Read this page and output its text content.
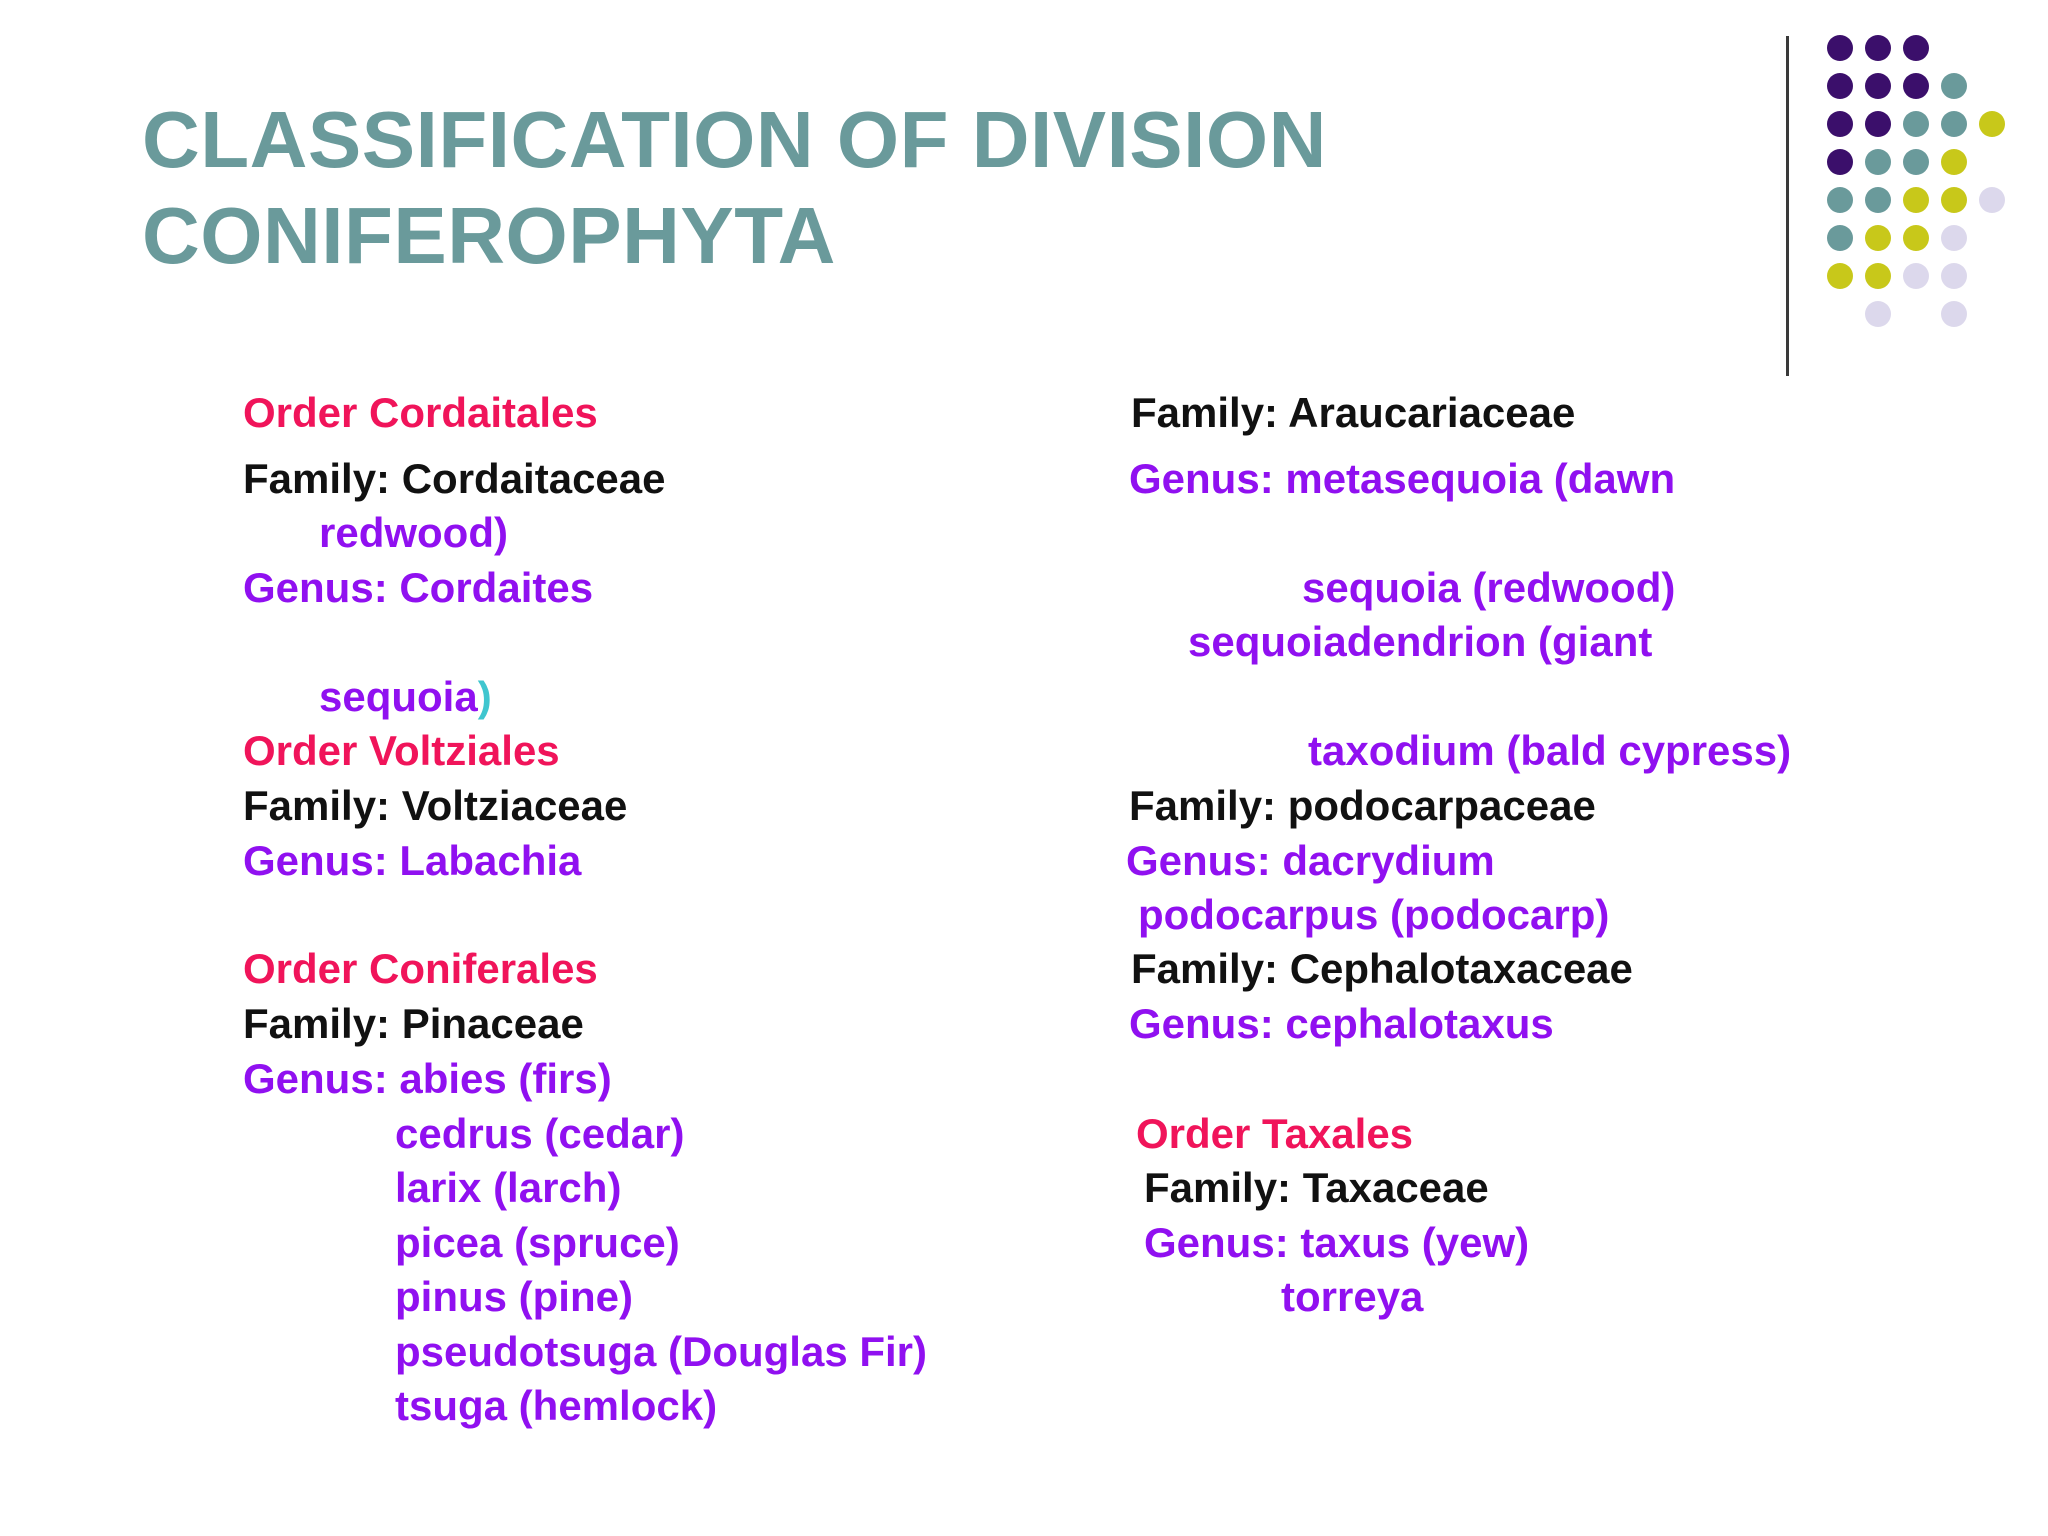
CLASSIFICATION OF DIVISION
CONIFEROPHYTA
Order Cordaitales
Family: Cordaitaceae
redwood)
Genus: Cordaites
sequoia)
Order Voltziales
Family: Voltziaceae
Genus: Labachia
Order Coniferales
Family: Pinaceae
Genus: abies (firs)
cedrus (cedar)
larix (larch)
picea (spruce)
pinus (pine)
pseudotsuga (Douglas Fir)
tsuga (hemlock)
Family: Araucariaceae
Genus: metasequoia (dawn
sequoia (redwood)
sequoiadendrion (giant
taxodium (bald cypress)
Family: podocarpaceae
Genus: dacrydium
podocarpus (podocarp)
Family: Cephalotaxaceae
Genus: cephalotaxus
Order Taxales
Family: Taxaceae
Genus: taxus (yew)
torreya
